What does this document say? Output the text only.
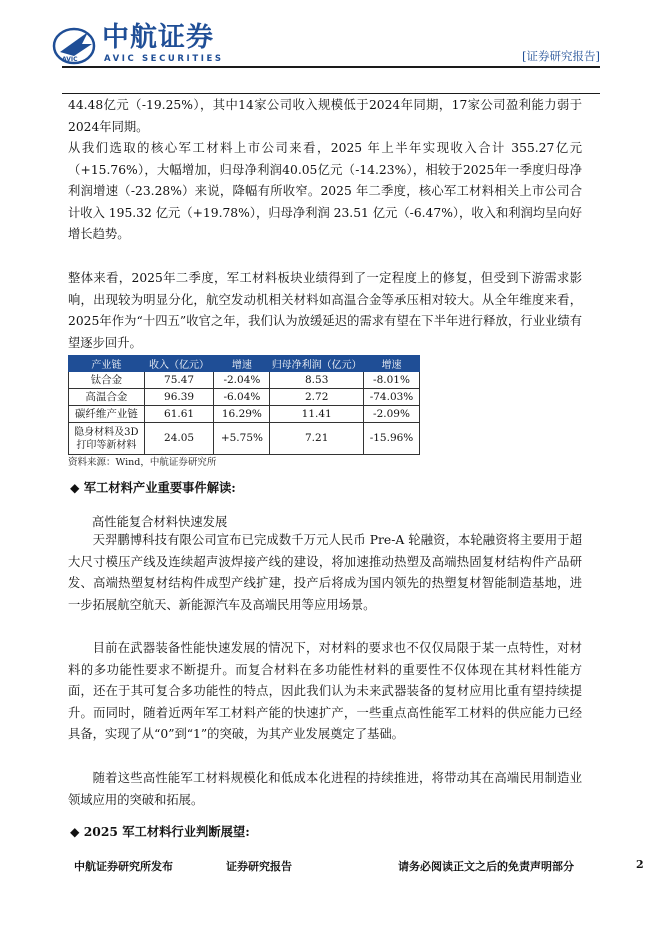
AVIC
中航证券
AVIC SECURITIES	[证券研究报告]

44.48亿元（-19.25%），其中14家公司收入规模低于2024年同期，17家公司盈利能力弱于2024年同期。

从我们选取的核心军工材料上市公司来看，2025 年上半年实现收入合计 355.27亿元（+15.76%），大幅增加，归母净利润40.05亿元（-14.23%），相较于2025年一季度归母净利润增速（-23.28%）来说，降幅有所收窄。2025 年二季度，核心军工材料相关上市公司合计收入 195.32 亿元（+19.78%），归母净利润 23.51 亿元（-6.47%），收入和利润均呈向好增长趋势。

整体来看，2025年二季度，军工材料板块业绩得到了一定程度上的修复，但受到下游需求影响，出现较为明显分化，航空发动机相关材料如高温合金等承压相对较大。从全年维度来看，2025年作为“十四五”收官之年，我们认为放缓延迟的需求有望在下半年进行释放，行业业绩有望逐步回升。

产业链	收入（亿元）	增速	归母净利润（亿元）	增速
钛合金	75.47	-2.04%	8.53	-8.01%
高温合金	96.39	-6.04%	2.72	-74.03%
碳纤维产业链	61.61	16.29%	11.41	-2.09%
隐身材料及3D打印等新材料	24.05	+5.75%	7.21	-15.96%
资料来源：Wind，中航证券研究所
◆ 军工材料产业重要事件解读:
高性能复合材料快速发展

天羿鹏博科技有限公司宣布已完成数千万元人民币 Pre-A 轮融资，本轮融资将主要用于超大尺寸模压产线及连续超声波焊接产线的建设，将加速推动热塑及高端热固复材结构件产品研发、高端热塑复材结构件成型产线扩建，投产后将成为国内领先的热塑复材智能制造基地，进一步拓展航空航天、新能源汽车及高端民用等应用场景。

目前在武器装备性能快速发展的情况下，对材料的要求也不仅仅局限于某一点特性，对材料的多功能性要求不断提升。而复合材料在多功能性材料的重要性不仅体现在其材料性能方面，还在于其可复合多功能性的特点，因此我们认为未来武器装备的复材应用比重有望持续提升。而同时，随着近两年军工材料产能的快速扩产，一些重点高性能军工材料的供应能力已经具备，实现了从“0”到“1”的突破，为其产业发展奠定了基础。

随着这些高性能军工材料规模化和低成本化进程的持续推进，将带动其在高端民用制造业领域应用的突破和拓展。

◆ 2025 军工材料行业判断展望:
中航证券研究所发布	证券研究报告	请务必阅读正文之后的免责声明部分	2
